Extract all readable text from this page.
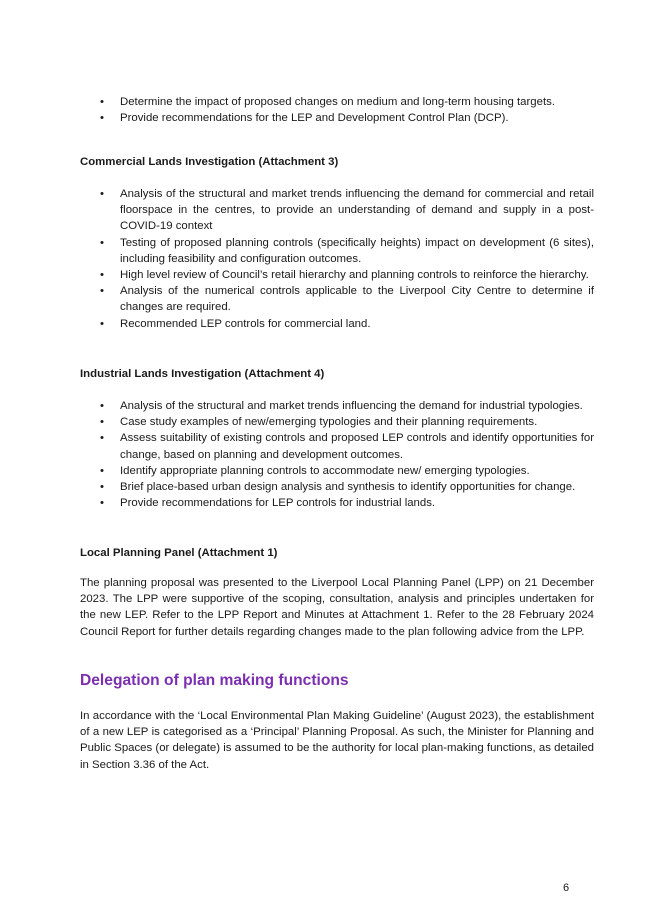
• Determine the impact of proposed changes on medium and long-term housing targets.
• Provide recommendations for the LEP and Development Control Plan (DCP).
Commercial Lands Investigation (Attachment 3)
• Analysis of the structural and market trends influencing the demand for commercial and retail floorspace in the centres, to provide an understanding of demand and supply in a post-COVID-19 context
• Testing of proposed planning controls (specifically heights) impact on development (6 sites), including feasibility and configuration outcomes.
• High level review of Council’s retail hierarchy and planning controls to reinforce the hierarchy.
• Analysis of the numerical controls applicable to the Liverpool City Centre to determine if changes are required.
• Recommended LEP controls for commercial land.
Industrial Lands Investigation (Attachment 4)
• Analysis of the structural and market trends influencing the demand for industrial typologies.
• Case study examples of new/emerging typologies and their planning requirements.
• Assess suitability of existing controls and proposed LEP controls and identify opportunities for change, based on planning and development outcomes.
• Identify appropriate planning controls to accommodate new/ emerging typologies.
• Brief place-based urban design analysis and synthesis to identify opportunities for change.
• Provide recommendations for LEP controls for industrial lands.
Local Planning Panel (Attachment 1)

The planning proposal was presented to the Liverpool Local Planning Panel (LPP) on 21 December 2023. The LPP were supportive of the scoping, consultation, analysis and principles undertaken for the new LEP. Refer to the LPP Report and Minutes at Attachment 1. Refer to the 28 February 2024 Council Report for further details regarding changes made to the plan following advice from the LPP.

Delegation of plan making functions

In accordance with the ‘Local Environmental Plan Making Guideline’ (August 2023), the establishment of a new LEP is categorised as a ‘Principal’ Planning Proposal. As such, the Minister for Planning and Public Spaces (or delegate) is assumed to be the authority for local plan-making functions, as detailed in Section 3.36 of the Act.

6
